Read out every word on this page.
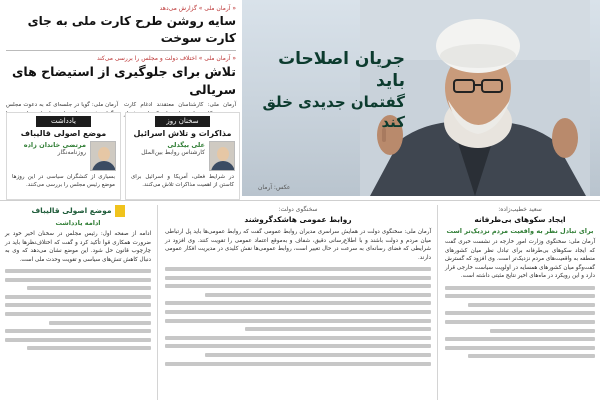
جریان اصلاحات باید
گفتمان جدیدی خلق کند
عکس: آرمان
« آرمان ملی » گزارش می‌دهد
سایه روشن طرح کارت ملی به جای کارت سوخت
« آرمان ملی » اختلاف دولت و مجلس را بررسی می‌کند
تلاش برای جلوگیری از استیضاح های سریالی
آرمان ملی: کارشناسان معتقدند ادغام کارت
آرمان ملی: گویا در جلسه‌ای که به دعوت مجلس
سخنان روز
مذاکرات و تلاش اسرائیل
علی بیگدلی
کارشناس روابط بین‌الملل
در شرایط فعلی، آمریکا و اسرائیل برای کاستن از اهمیت مذاکرات تلاش می‌کنند.
یادداشت
موضع اصولی قالیباف
مرتضی خاندان زاده
روزنامه‌نگار
بسیاری از کنشگران سیاسی در این روزها موضع رئیس مجلس را بررسی می‌کنند.
سعید خطیب‌زاده:
ایجاد سکوهای بی‌طرفانه
برای تبادل نظر به واقعیت مردم نزدیک‌تر است
آرمان ملی: سخنگوی وزارت امور خارجه در نشست خبری گفت که ایجاد سکوهای بی‌طرفانه برای تبادل نظر میان کشورهای منطقه به واقعیت‌های مردم نزدیک‌تر است. وی افزود که گسترش گفت‌وگو میان کشورهای همسایه در اولویت سیاست خارجی قرار دارد و این رویکرد در ماه‌های اخیر نتایج مثبتی داشته است.
سخنگوی دولت:
روابط عمومی هاشکدگروشند
آرمان ملی: سخنگوی دولت در همایش سراسری مدیران روابط عمومی گفت که روابط عمومی‌ها باید پل ارتباطی میان مردم و دولت باشند و با اطلاع‌رسانی دقیق، شفاف و به‌موقع اعتماد عمومی را تقویت کنند. وی افزود در شرایطی که فضای رسانه‌ای به سرعت در حال تغییر است، روابط عمومی‌ها نقش کلیدی در مدیریت افکار عمومی دارند.
موضع اصولی قالیباف
ادامه یادداشت
ادامه از صفحه اول: رئیس مجلس در سخنان اخیر خود بر ضرورت همکاری قوا تأکید کرد و گفت که اختلاف‌نظرها باید در چارچوب قانون حل شود. این موضع نشان می‌دهد که وی به دنبال کاهش تنش‌های سیاسی و تقویت وحدت ملی است.
